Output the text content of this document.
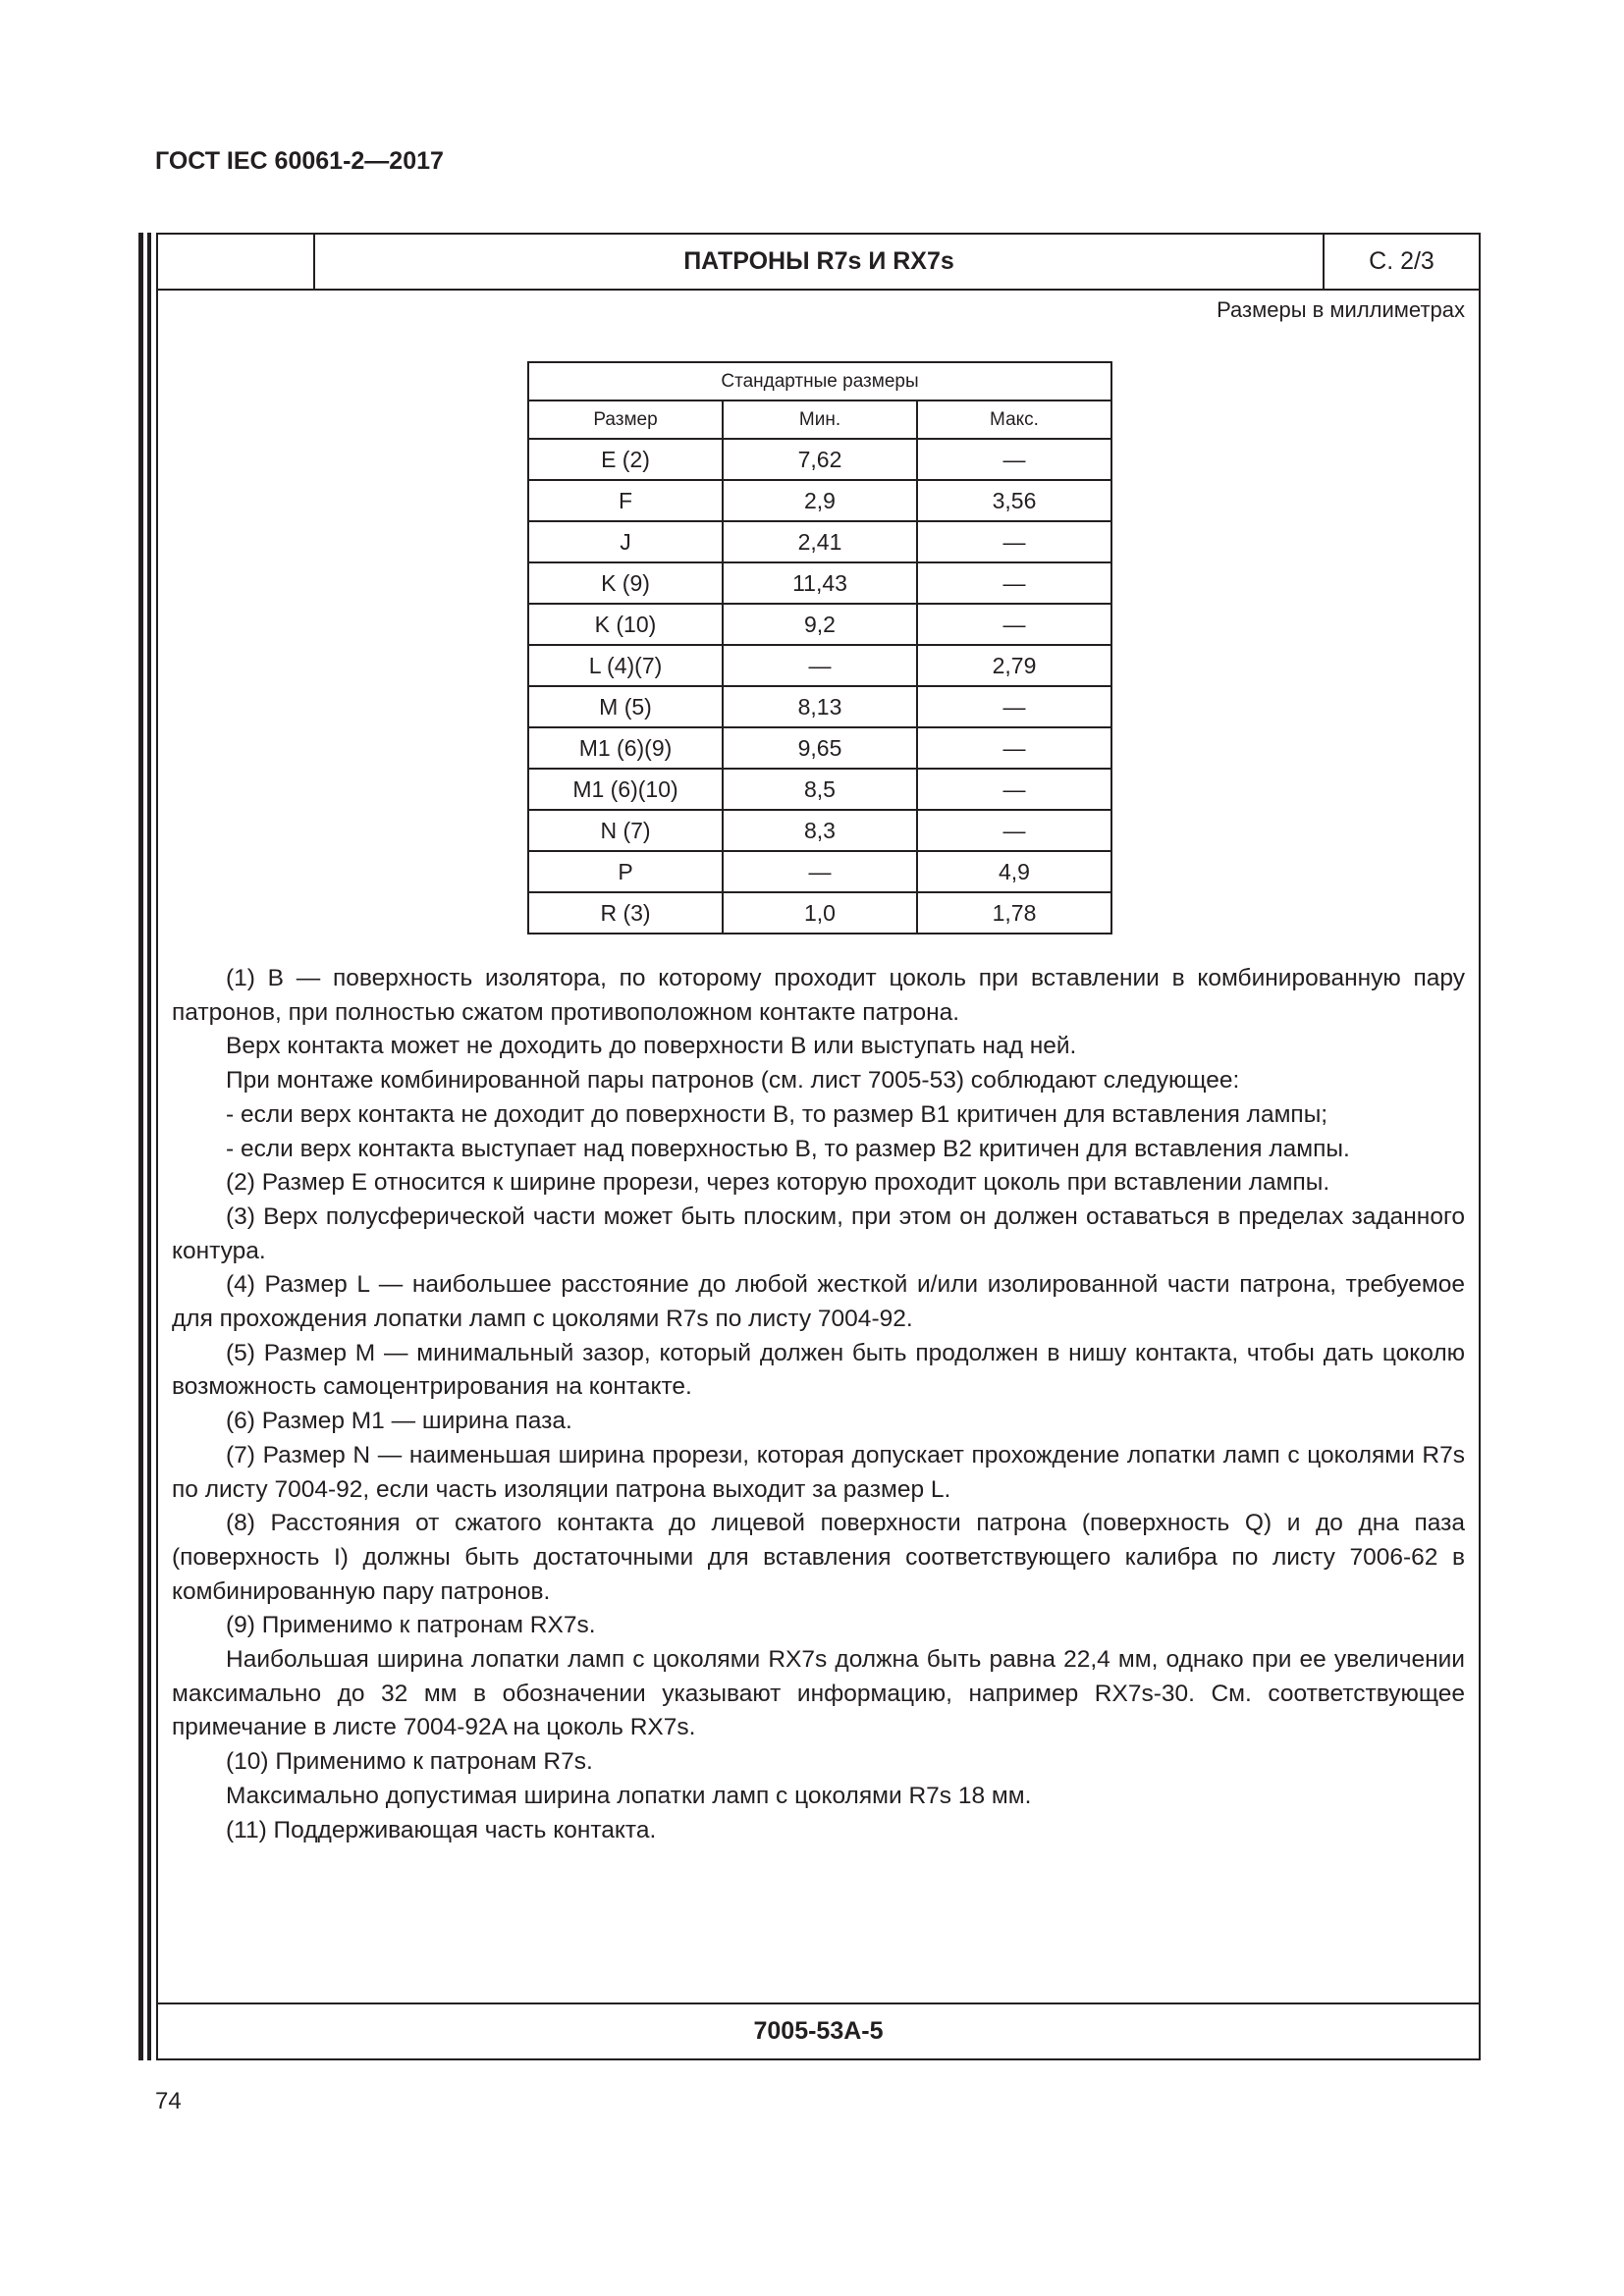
ГОСТ IEC 60061-2—2017
ПАТРОНЫ R7s И RX7s	С. 2/3
Размеры в миллиметрах
Стандартные размеры		
Размер	Мин.	Макс.
E (2)	7,62	—
F	2,9	3,56
J	2,41	—
K (9)	11,43	—
K (10)	9,2	—
L (4)(7)	—	2,79
M (5)	8,13	—
M1 (6)(9)	9,65	—
M1 (6)(10)	8,5	—
N (7)	8,3	—
P	—	4,9
R (3)	1,0	1,78

(1) B — поверхность изолятора, по которому проходит цоколь при вставлении в комбинированную пару патронов, при полностью сжатом противоположном контакте патрона.

Верх контакта может не доходить до поверхности B или выступать над ней.

При монтаже комбинированной пары патронов (см. лист 7005-53) соблюдают следующее:

- если верх контакта не доходит до поверхности B, то размер B1 критичен для вставления лампы;

- если верх контакта выступает над поверхностью B, то размер B2 критичен для вставления лампы.

(2) Размер E относится к ширине прорези, через которую проходит цоколь при вставлении лампы.

(3) Верх полусферической части может быть плоским, при этом он должен оставаться в пределах заданного контура.

(4) Размер L — наибольшее расстояние до любой жесткой и/или изолированной части патрона, требуемое для прохождения лопатки ламп с цоколями R7s по листу 7004-92.

(5) Размер M — минимальный зазор, который должен быть продолжен в нишу контакта, чтобы дать цоколю возможность самоцентрирования на контакте.

(6) Размер M1 — ширина паза.

(7) Размер N — наименьшая ширина прорези, которая допускает прохождение лопатки ламп с цоколями R7s по листу 7004-92, если часть изоляции патрона выходит за размер L.

(8) Расстояния от сжатого контакта до лицевой поверхности патрона (поверхность Q) и до дна паза (поверхность I) должны быть достаточными для вставления соответствующего калибра по листу 7006-62 в комбинированную пару патронов.

(9) Применимо к патронам RX7s.

Наибольшая ширина лопатки ламп с цоколями RX7s должна быть равна 22,4 мм, однако при ее увеличении максимально до 32 мм в обозначении указывают информацию, например RX7s-30. См. соответствующее примечание в листе 7004-92A на цоколь RX7s.

(10) Применимо к патронам R7s.

Максимально допустимая ширина лопатки ламп с цоколями R7s 18 мм.

(11) Поддерживающая часть контакта.

7005-53A-5
74
